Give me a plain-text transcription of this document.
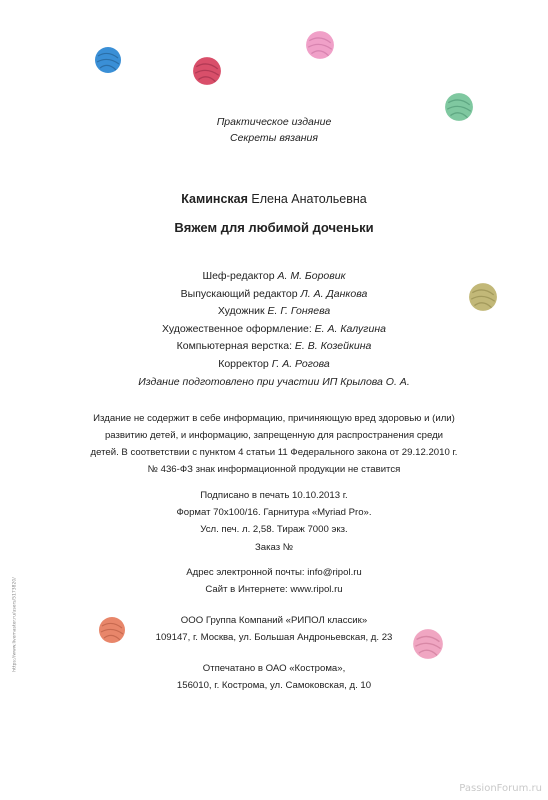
Практическое издание
Секреты вязания
Каминская Елена Анатольевна
Вяжем для любимой доченьки
Шеф-редактор А. М. Боровик
Выпускающий редактор Л. А. Данкова
Художник Е. Г. Гоняева
Художественное оформление: Е. А. Калугина
Компьютерная верстка: Е. В. Козейкина
Корректор Г. А. Рогова
Издание подготовлено при участии ИП Крылова О. А.
Издание не содержит в себе информацию, причиняющую вред здоровью и (или)
развитию детей, и информацию, запрещенную для распространения среди
детей. В соответствии с пунктом 4 статьи 11 Федерального закона от 29.12.2010 г.
№ 436-ФЗ знак информационной продукции не ставится
Подписано в печать 10.10.2013 г.
Формат 70x100/16. Гарнитура «Myriad Pro».
Усл. печ. л. 2,58. Тираж 7000 экз.
Заказ №
Адрес электронной почты: info@ripol.ru
Сайт в Интернете: www.ripol.ru
ООО Группа Компаний «РИПОЛ классик»
109147, г. Москва, ул. Большая Андроньевская, д. 23
Отпечатано в ОАО «Кострома»,
156010, г. Кострома, ул. Самоковская, д. 10
https://www.livemaster.ru/users/5173820/
PassionForum.ru
